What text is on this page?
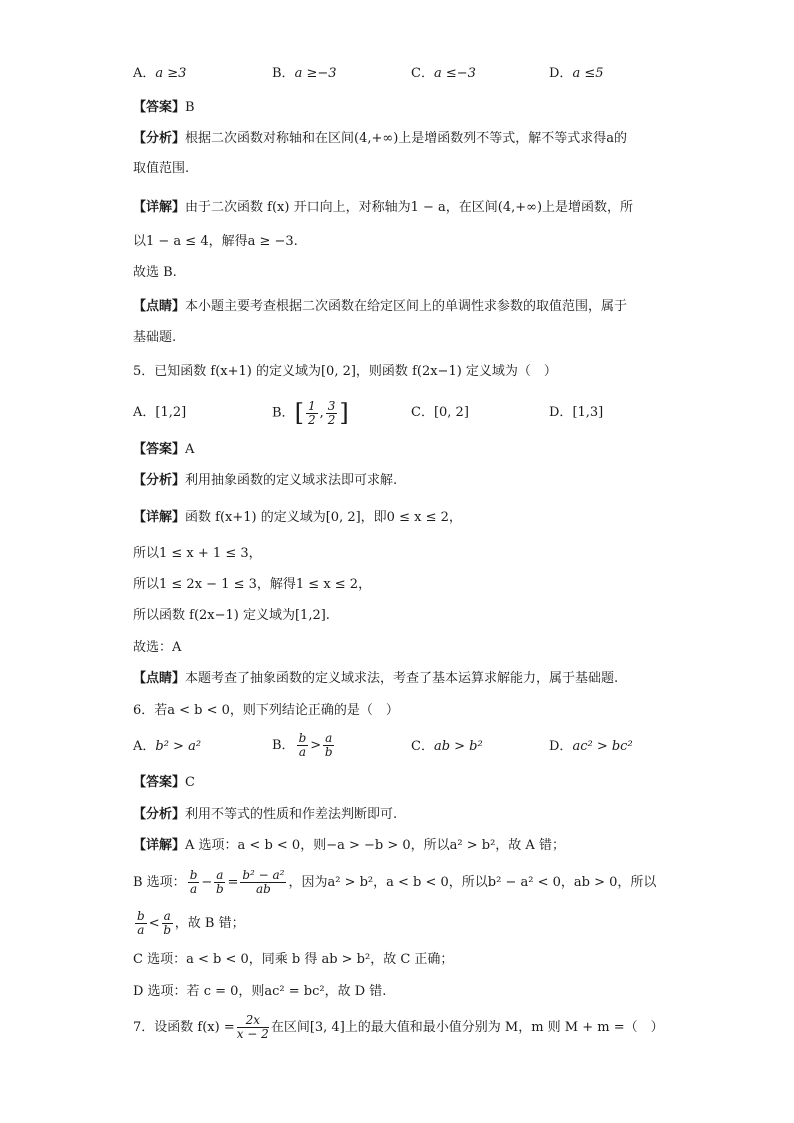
A．a ≥3	B．a ≥−3	C．a ≤−3	D．a ≤5
【答案】B
【分析】根据二次函数对称轴和在区间(4,+∞)上是增函数列不等式，解不等式求得a的
取值范围.
【详解】由于二次函数 f(x) 开口向上，对称轴为1 − a，在区间(4,+∞)上是增函数，所
以1 − a ≤ 4，解得a ≥ −3.
故选 B.
【点睛】本小题主要考查根据二次函数在给定区间上的单调性求参数的取值范围，属于
基础题.
5．已知函数 f(x+1) 的定义域为[0, 2]，则函数 f(2x−1) 定义域为（　）
A．[1,2]	B．[ $\frac{1}{2}$ , $\frac{3}{2}$ ]	C．[0, 2]	D．[1,3]
【答案】A
【分析】利用抽象函数的定义域求法即可求解.
【详解】函数 f(x+1) 的定义域为[0, 2]，即0 ≤ x ≤ 2，
所以1 ≤ x + 1 ≤ 3，
所以1 ≤ 2x − 1 ≤ 3，解得1 ≤ x ≤ 2，
所以函数 f(2x−1) 定义域为[1,2].
故选：A
【点睛】本题考查了抽象函数的定义域求法，考查了基本运算求解能力，属于基础题.
6．若a < b < 0，则下列结论正确的是（　）
A．b² > a²	B． $\frac{b}{a} > \frac{a}{b}$	C．ab > b²	D．ac² > bc²
【答案】C
【分析】利用不等式的性质和作差法判断即可.
【详解】A 选项：a < b < 0，则−a > −b > 0，所以a² > b²，故 A 错；
B 选项： $\frac{b}{a} - \frac{a}{b} = \frac{\text{b² − a²}}{ab}$ ，因为a² > b²，a < b < 0，所以b² − a² < 0，ab > 0，所以
$\frac{b}{a} < \frac{a}{b}$ ，故 B 错；
C 选项：a < b < 0，同乘 b 得 ab > b²，故 C 正确；
D 选项：若 c = 0，则ac² = bc²，故 D 错.
7．设函数 $f(x) = \frac{2x}{x - 2}$ 在区间[3, 4]上的最大值和最小值分别为 M，m 则 M + m =（　）
